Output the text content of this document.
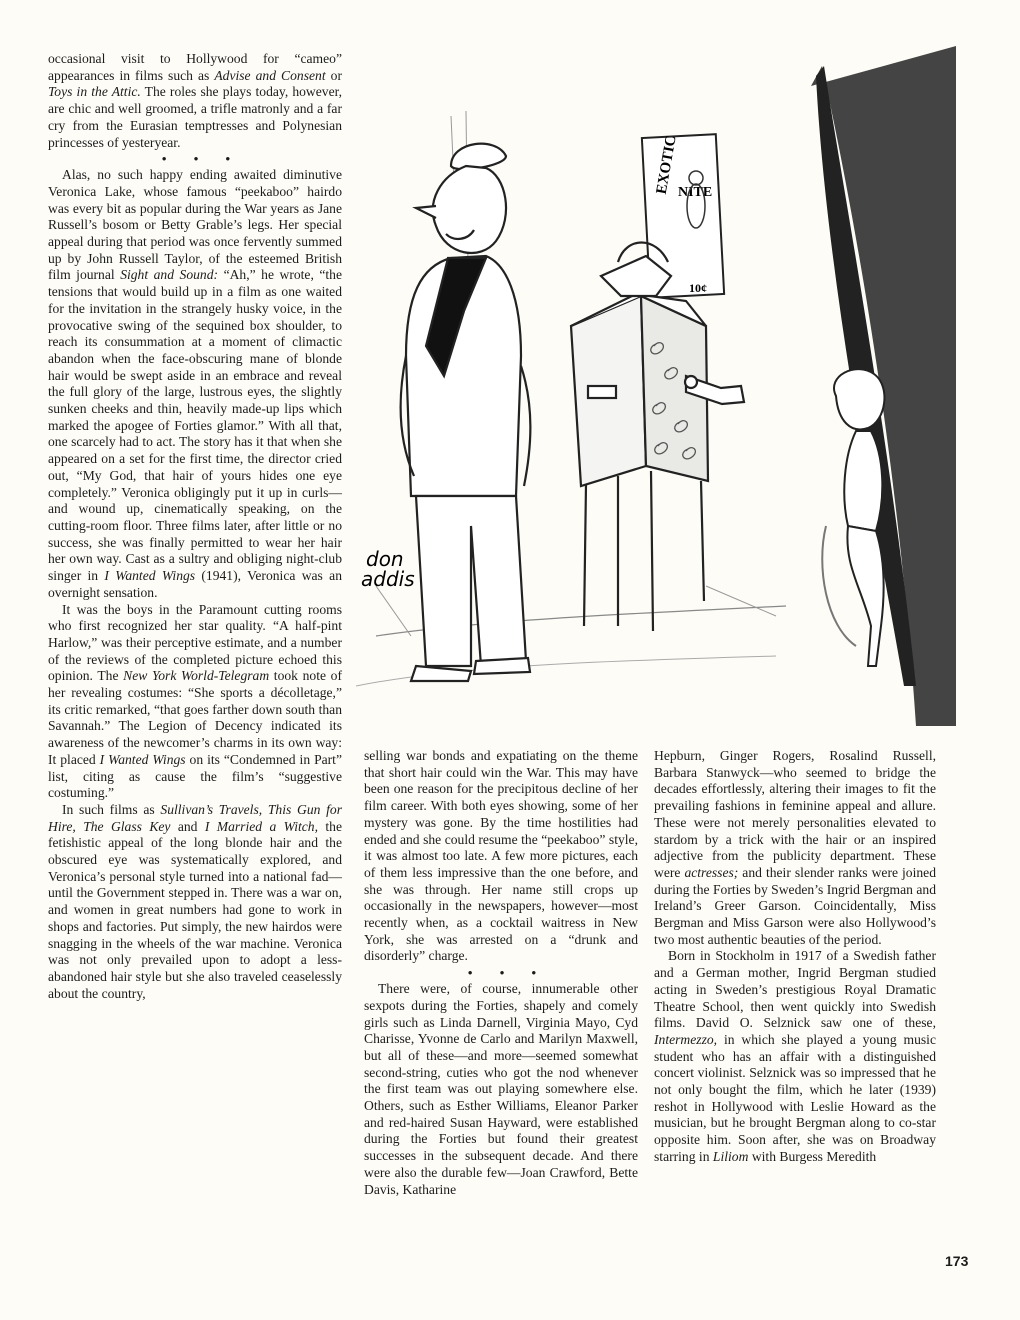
occasional visit to Hollywood for “cameo” appearances in films such as Advise and Consent or Toys in the Attic. The roles she plays today, however, are chic and well groomed, a trifle matronly and a far cry from the Eurasian temptresses and Polynesian princesses of yesteryear.

• • •

Alas, no such happy ending awaited diminutive Veronica Lake, whose famous “peekaboo” hairdo was every bit as popular during the War years as Jane Russell’s bosom or Betty Grable’s legs. Her special appeal during that period was once fervently summed up by John Russell Taylor, of the esteemed British film journal Sight and Sound: “Ah,” he wrote, “the tensions that would build up in a film as one waited for the invitation in the strangely husky voice, in the provocative swing of the sequined box shoulder, to reach its consummation at a moment of climactic abandon when the face-obscuring mane of blonde hair would be swept aside in an embrace and reveal the full glory of the large, lustrous eyes, the slightly sunken cheeks and thin, heavily made-up lips which marked the apogee of Forties glamor.” With all that, one scarcely had to act. The story has it that when she appeared on a set for the first time, the director cried out, “My God, that hair of yours hides one eye completely.” Veronica obligingly put it up in curls—and wound up, cinematically speaking, on the cutting-room floor. Three films later, after little or no success, she was finally permitted to wear her hair her own way. Cast as a sultry and obliging night-club singer in I Wanted Wings (1941), Veronica was an overnight sensation.

It was the boys in the Paramount cutting rooms who first recognized her star quality. “A half-pint Harlow,” was their perceptive estimate, and a number of the reviews of the completed picture echoed this opinion. The New York World-Telegram took note of her revealing costumes: “She sports a décolletage,” its critic remarked, “that goes farther down south than Savannah.” The Legion of Decency indicated its awareness of the newcomer’s charms in its own way: It placed I Wanted Wings on its “Condemned in Part” list, citing as cause the film’s “suggestive costuming.”

In such films as Sullivan’s Travels, This Gun for Hire, The Glass Key and I Married a Witch, the fetishistic appeal of the long blonde hair and the obscured eye was systematically explored, and Veronica’s personal style turned into a national fad—until the Government stepped in. There was a war on, and women in great numbers had gone to work in shops and factories. Put simply, the new hairdos were snagging in the wheels of the war machine. Veronica was not only prevailed upon to adopt a less-abandoned hair style but she also traveled ceaselessly about the country,

EXOTIC
NITE
10¢
don
addis

selling war bonds and expatiating on the theme that short hair could win the War. This may have been one reason for the precipitous decline of her film career. With both eyes showing, some of her mystery was gone. By the time hostilities had ended and she could resume the “peekaboo” style, it was almost too late. A few more pictures, each of them less impressive than the one before, and she was through. Her name still crops up occasionally in the newspapers, however—most recently when, as a cocktail waitress in New York, she was arrested on a “drunk and disorderly” charge.

• • •

There were, of course, innumerable other sexpots during the Forties, shapely and comely girls such as Linda Darnell, Virginia Mayo, Cyd Charisse, Yvonne de Carlo and Marilyn Maxwell, but all of these—and more—seemed somewhat second-string, cuties who got the nod whenever the first team was out playing somewhere else. Others, such as Esther Williams, Eleanor Parker and red-haired Susan Hayward, were established during the Forties but found their greatest successes in the subsequent decade. And there were also the durable few—Joan Crawford, Bette Davis, Katharine

Hepburn, Ginger Rogers, Rosalind Russell, Barbara Stanwyck—who seemed to bridge the decades effortlessly, altering their images to fit the prevailing fashions in feminine appeal and allure. These were not merely personalities elevated to stardom by a trick with the hair or an inspired adjective from the publicity department. These were actresses; and their slender ranks were joined during the Forties by Sweden’s Ingrid Bergman and Ireland’s Greer Garson. Coincidentally, Miss Bergman and Miss Garson were also Hollywood’s two most authentic beauties of the period.

Born in Stockholm in 1917 of a Swedish father and a German mother, Ingrid Bergman studied acting in Sweden’s prestigious Royal Dramatic Theatre School, then went quickly into Swedish films. David O. Selznick saw one of these, Intermezzo, in which she played a young music student who has an affair with a distinguished concert violinist. Selznick was so impressed that he not only bought the film, which he later (1939) reshot in Hollywood with Leslie Howard as the musician, but he brought Bergman along to co-star opposite him. Soon after, she was on Broadway starring in Liliom with Burgess Meredith

173
